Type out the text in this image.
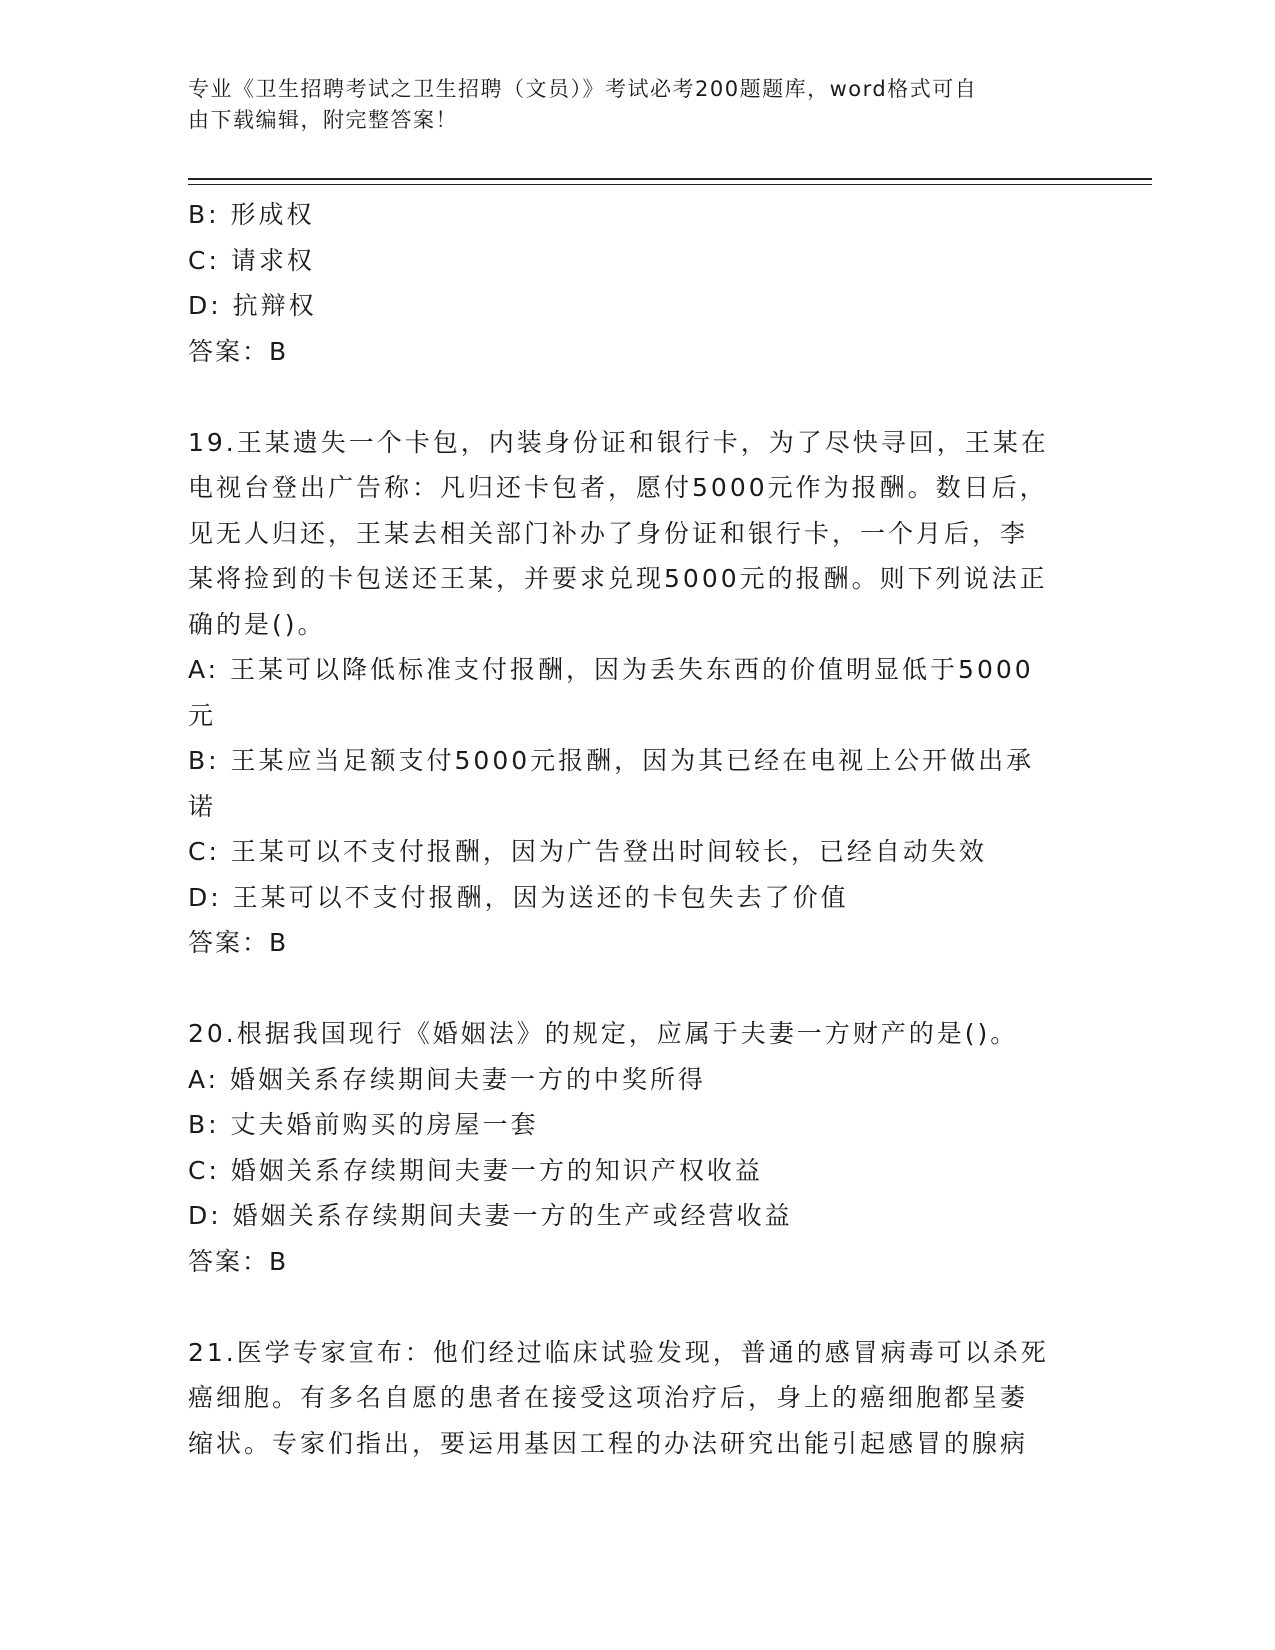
专业《卫生招聘考试之卫生招聘（文员）》考试必考200题题库，word格式可自
由下载编辑，附完整答案！
B: 形成权
C: 请求权
D: 抗辩权
答案：B
19.王某遗失一个卡包，内装身份证和银行卡，为了尽快寻回，王某在
电视台登出广告称：凡归还卡包者，愿付5000元作为报酬。数日后，
见无人归还，王某去相关部门补办了身份证和银行卡，一个月后，李
某将捡到的卡包送还王某，并要求兑现5000元的报酬。则下列说法正
确的是()。
A: 王某可以降低标准支付报酬，因为丢失东西的价值明显低于5000
元
B: 王某应当足额支付5000元报酬，因为其已经在电视上公开做出承
诺
C: 王某可以不支付报酬，因为广告登出时间较长，已经自动失效
D: 王某可以不支付报酬，因为送还的卡包失去了价值
答案：B
20.根据我国现行《婚姻法》的规定，应属于夫妻一方财产的是()。
A: 婚姻关系存续期间夫妻一方的中奖所得
B: 丈夫婚前购买的房屋一套
C: 婚姻关系存续期间夫妻一方的知识产权收益
D: 婚姻关系存续期间夫妻一方的生产或经营收益
答案：B
21.医学专家宣布：他们经过临床试验发现，普通的感冒病毒可以杀死
癌细胞。有多名自愿的患者在接受这项治疗后，身上的癌细胞都呈萎
缩状。专家们指出，要运用基因工程的办法研究出能引起感冒的腺病
